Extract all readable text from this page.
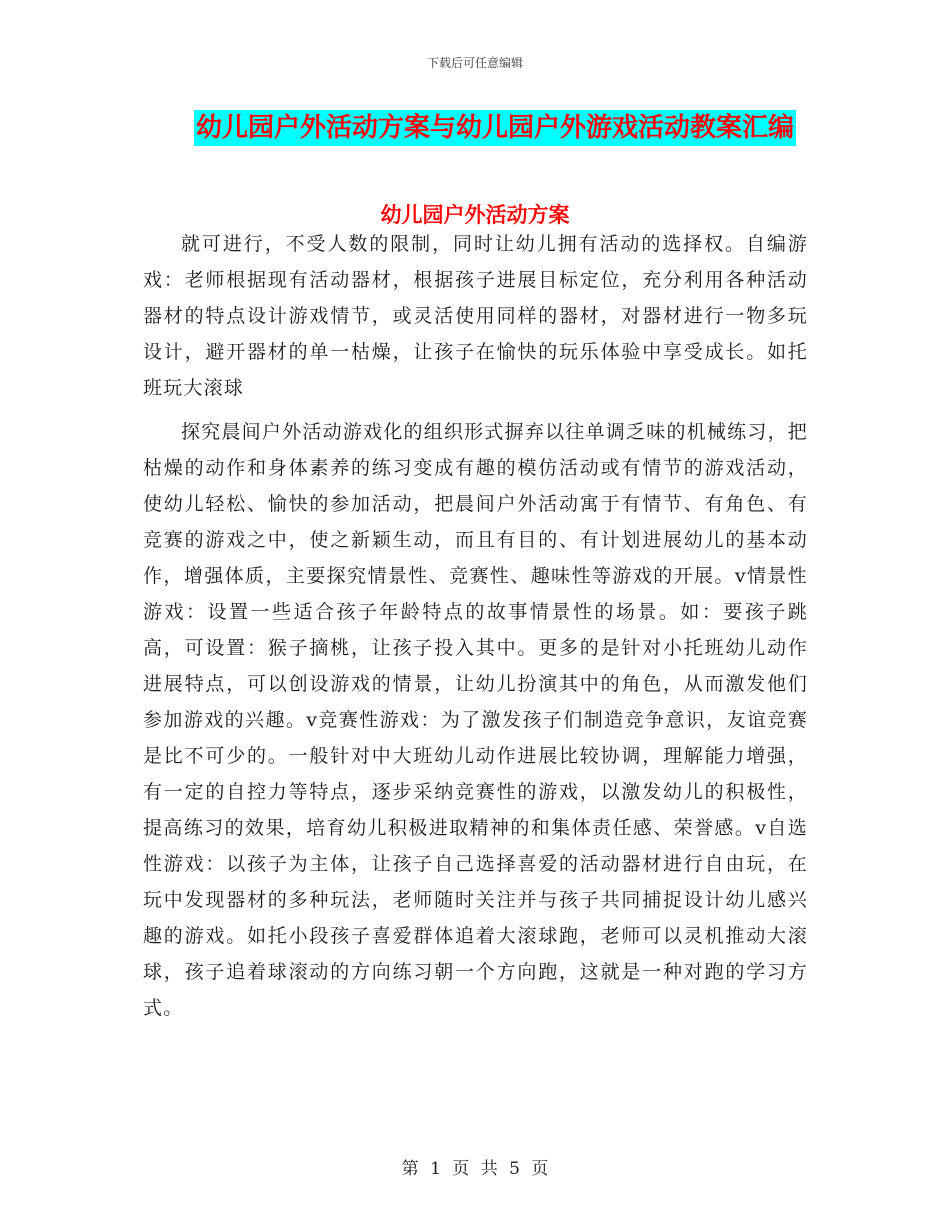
下载后可任意编辑
幼儿园户外活动方案与幼儿园户外游戏活动教案汇编
幼儿园户外活动方案

就可进行，不受人数的限制，同时让幼儿拥有活动的选择权。自编游戏：老师根据现有活动器材，根据孩子进展目标定位，充分利用各种活动器材的特点设计游戏情节，或灵活使用同样的器材，对器材进行一物多玩设计，避开器材的单一枯燥，让孩子在愉快的玩乐体验中享受成长。如托班玩大滚球

探究晨间户外活动游戏化的组织形式摒弃以往单调乏味的机械练习，把枯燥的动作和身体素养的练习变成有趣的模仿活动或有情节的游戏活动，使幼儿轻松、愉快的参加活动，把晨间户外活动寓于有情节、有角色、有竞赛的游戏之中，使之新颖生动，而且有目的、有计划进展幼儿的基本动作，增强体质，主要探究情景性、竞赛性、趣味性等游戏的开展。v情景性游戏：设置一些适合孩子年龄特点的故事情景性的场景。如：要孩子跳高，可设置：猴子摘桃，让孩子投入其中。更多的是针对小托班幼儿动作进展特点，可以创设游戏的情景，让幼儿扮演其中的角色，从而激发他们参加游戏的兴趣。v竞赛性游戏：为了激发孩子们制造竞争意识，友谊竞赛是比不可少的。一般针对中大班幼儿动作进展比较协调，理解能力增强，有一定的自控力等特点，逐步采纳竞赛性的游戏，以激发幼儿的积极性，提高练习的效果，培育幼儿积极进取精神的和集体责任感、荣誉感。v自选性游戏：以孩子为主体，让孩子自己选择喜爱的活动器材进行自由玩，在玩中发现器材的多种玩法，老师随时关注并与孩子共同捕捉设计幼儿感兴趣的游戏。如托小段孩子喜爱群体追着大滚球跑，老师可以灵机推动大滚球，孩子追着球滚动的方向练习朝一个方向跑，这就是一种对跑的学习方式。

第 1 页 共 5 页
